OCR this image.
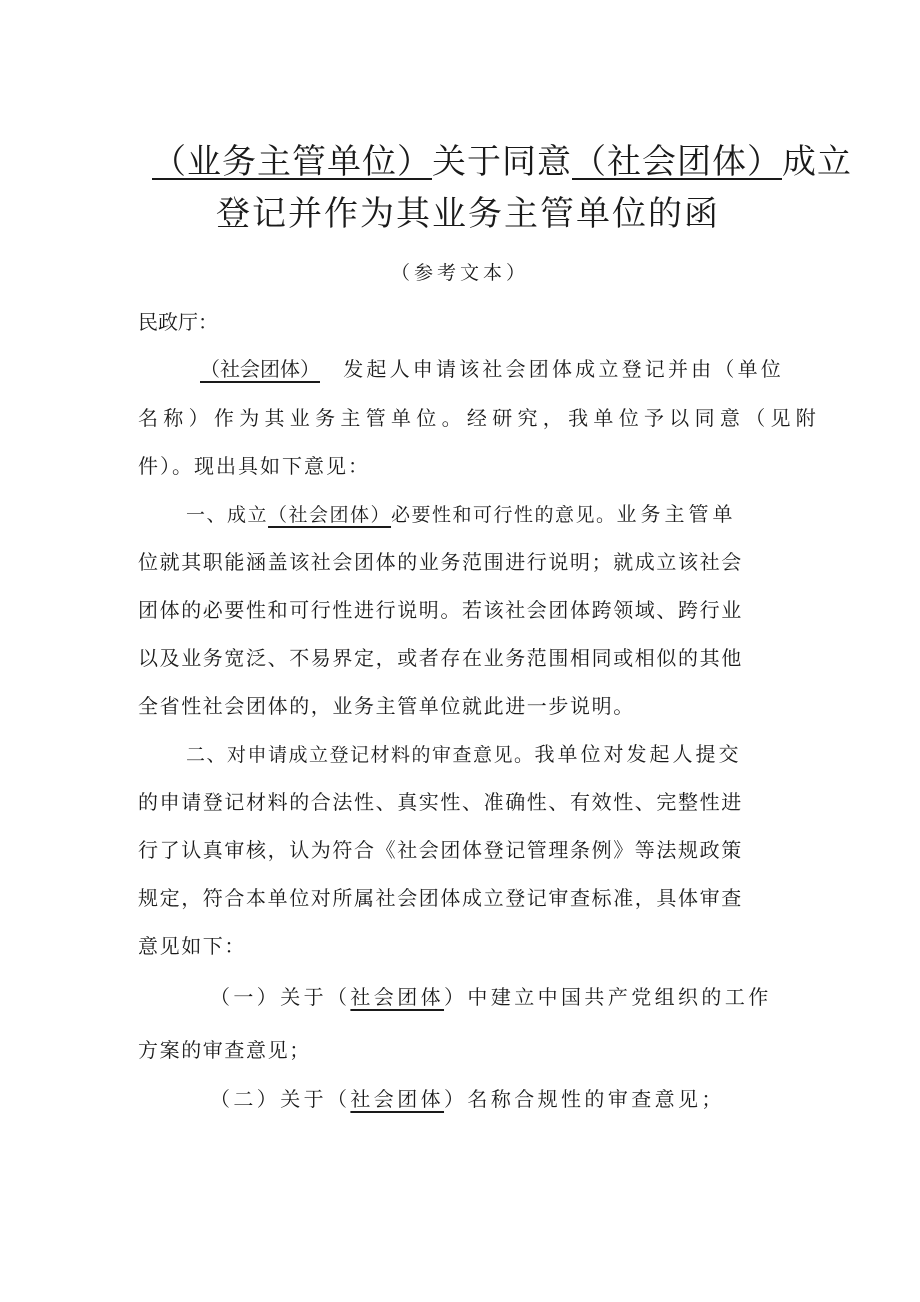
（业务主管单位）关于同意（社会团体）成立
登记并作为其业务主管单位的函
（参考文本）
民政厅：
（社会团体） 发起人申请该社会团体成立登记并由（单位
名称）作为其业务主管单位。经研究，我单位予以同意（见附
件）。现出具如下意见：
一、成立（社会团体）必要性和可行性的意见。业务主管单
位就其职能涵盖该社会团体的业务范围进行说明；就成立该社会
团体的必要性和可行性进行说明。若该社会团体跨领域、跨行业
以及业务宽泛、不易界定，或者存在业务范围相同或相似的其他
全省性社会团体的，业务主管单位就此进一步说明。
二、对申请成立登记材料的审查意见。我单位对发起人提交
的申请登记材料的合法性、真实性、准确性、有效性、完整性进
行了认真审核，认为符合《社会团体登记管理条例》等法规政策
规定，符合本单位对所属社会团体成立登记审查标准，具体审查
意见如下：
（一）关于（社会团体）中建立中国共产党组织的工作
方案的审查意见；
（二）关于（社会团体）名称合规性的审查意见；
